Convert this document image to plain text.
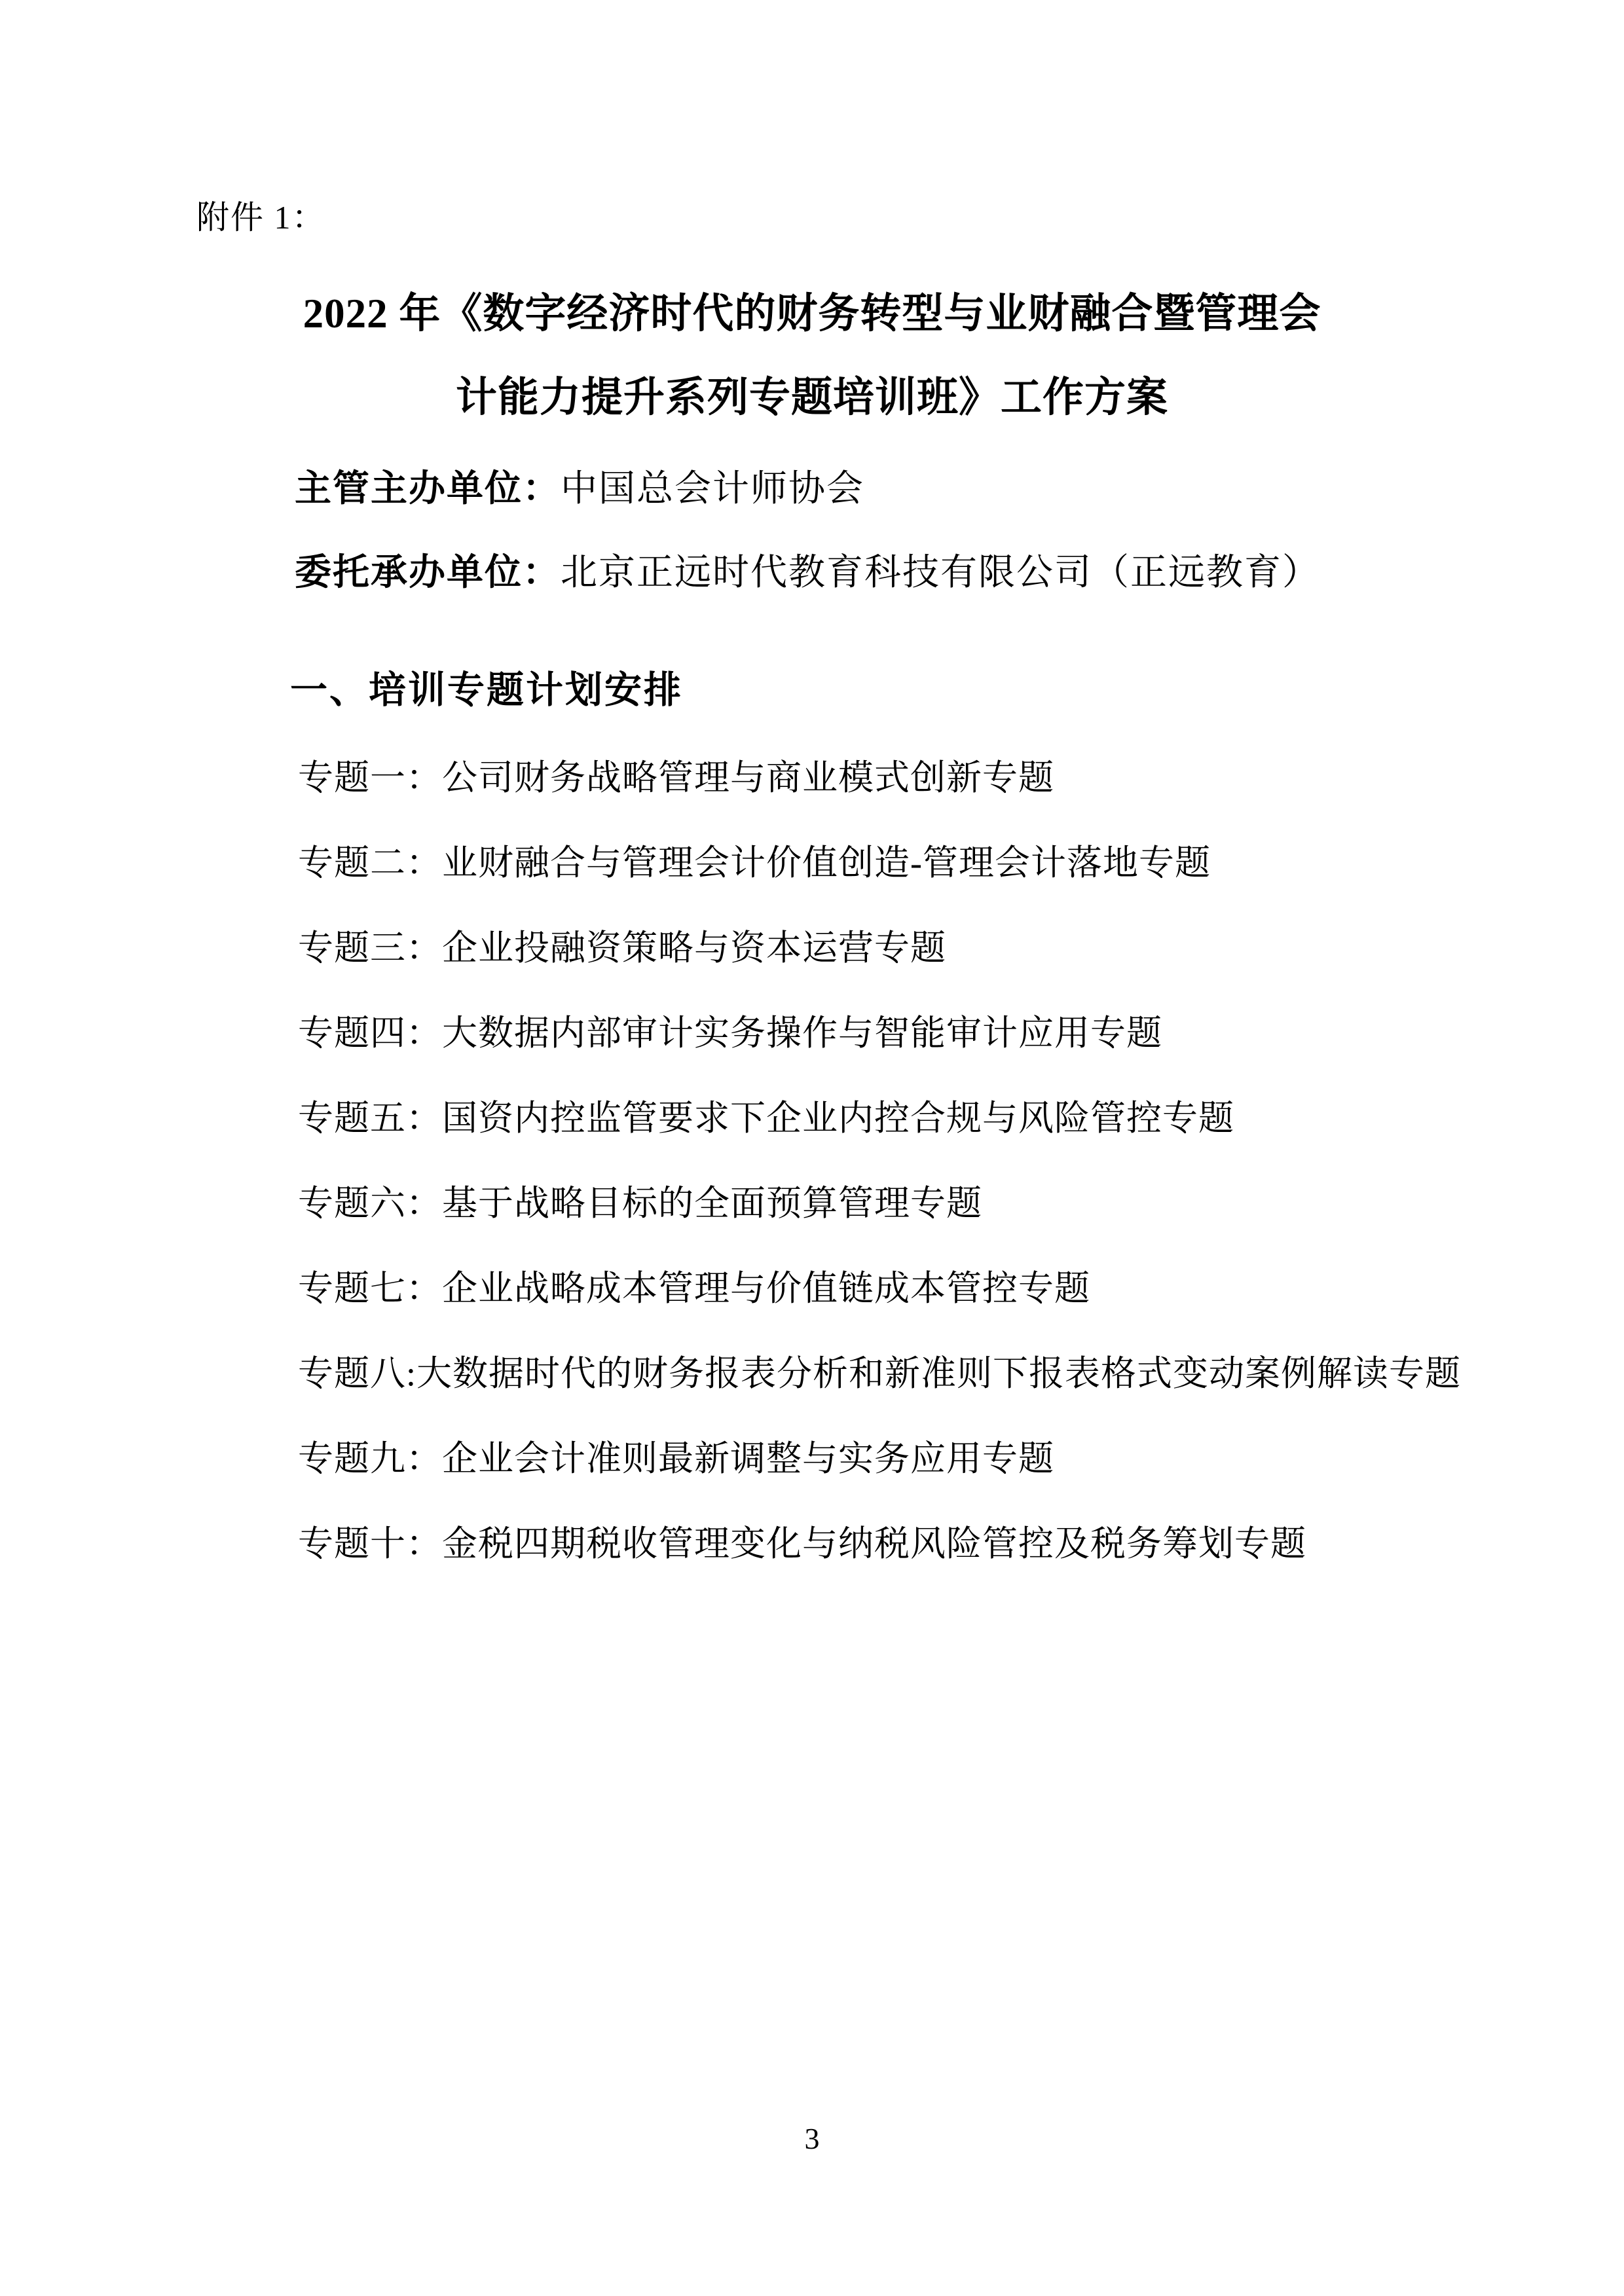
附件 1：
2022 年《数字经济时代的财务转型与业财融合暨管理会
计能力提升系列专题培训班》工作方案
主管主办单位：中国总会计师协会
委托承办单位：北京正远时代教育科技有限公司（正远教育）
一、培训专题计划安排

专题一：公司财务战略管理与商业模式创新专题

专题二：业财融合与管理会计价值创造-管理会计落地专题

专题三：企业投融资策略与资本运营专题

专题四：大数据内部审计实务操作与智能审计应用专题

专题五：国资内控监管要求下企业内控合规与风险管控专题

专题六：基于战略目标的全面预算管理专题

专题七：企业战略成本管理与价值链成本管控专题

专题八:大数据时代的财务报表分析和新准则下报表格式变动案例解读专题

专题九：企业会计准则最新调整与实务应用专题

专题十：金税四期税收管理变化与纳税风险管控及税务筹划专题

3
